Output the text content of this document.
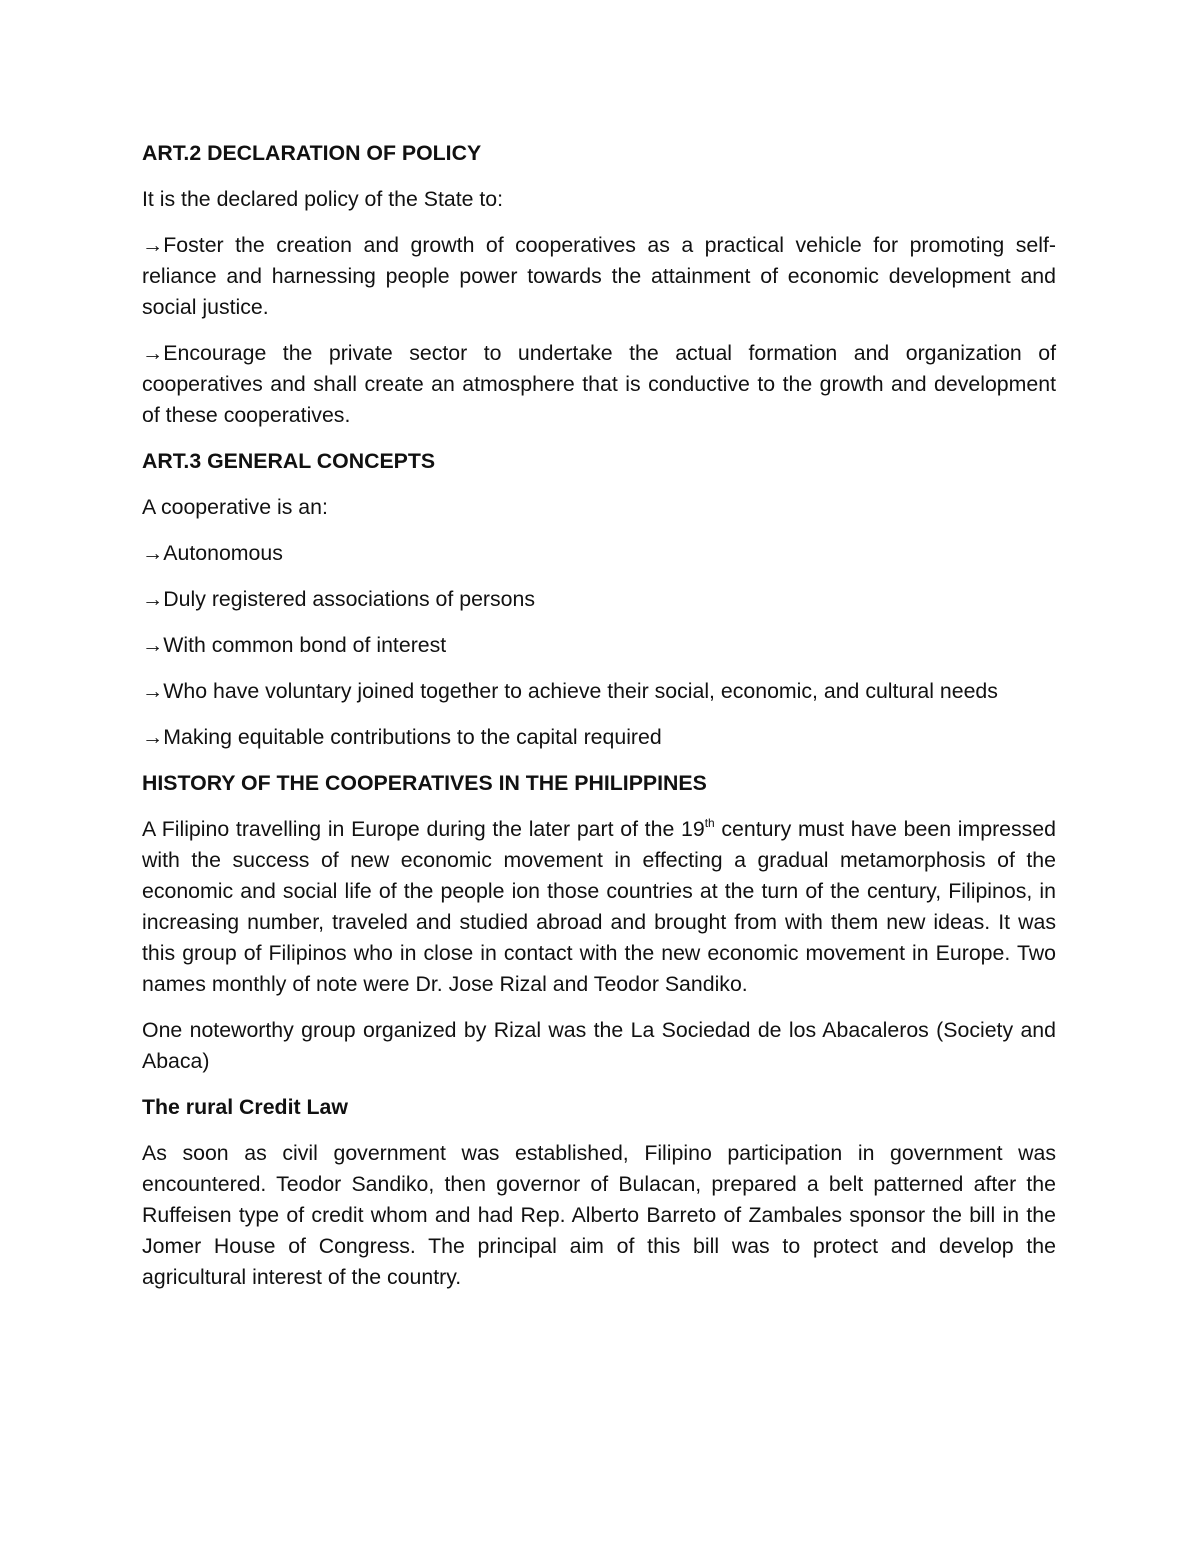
ART.2 DECLARATION OF POLICY

It is the declared policy of the State to:

→Foster the creation and growth of cooperatives as a practical vehicle for promoting self-reliance and harnessing people power towards the attainment of economic development and social justice.

→Encourage the private sector to undertake the actual formation and organization of cooperatives and shall create an atmosphere that is conductive to the growth and development of these cooperatives.

ART.3 GENERAL CONCEPTS

A cooperative is an:

→Autonomous

→Duly registered associations of persons

→With common bond of interest

→Who have voluntary joined together to achieve their social, economic, and cultural needs

→Making equitable contributions to the capital required

HISTORY OF THE COOPERATIVES IN THE PHILIPPINES

A Filipino travelling in Europe during the later part of the 19th century must have been impressed with the success of new economic movement in effecting a gradual metamorphosis of the economic and social life of the people ion those countries at the turn of the century, Filipinos, in increasing number, traveled and studied abroad and brought from with them new ideas. It was this group of Filipinos who in close in contact with the new economic movement in Europe. Two names monthly of note were Dr. Jose Rizal and Teodor Sandiko.

One noteworthy group organized by Rizal was the La Sociedad de los Abacaleros (Society and Abaca)

The rural Credit Law

As soon as civil government was established, Filipino participation in government was encountered. Teodor Sandiko, then governor of Bulacan, prepared a belt patterned after the Ruffeisen type of credit whom and had Rep. Alberto Barreto of Zambales sponsor the bill in the Jomer House of Congress. The principal aim of this bill was to protect and develop the agricultural interest of the country.
